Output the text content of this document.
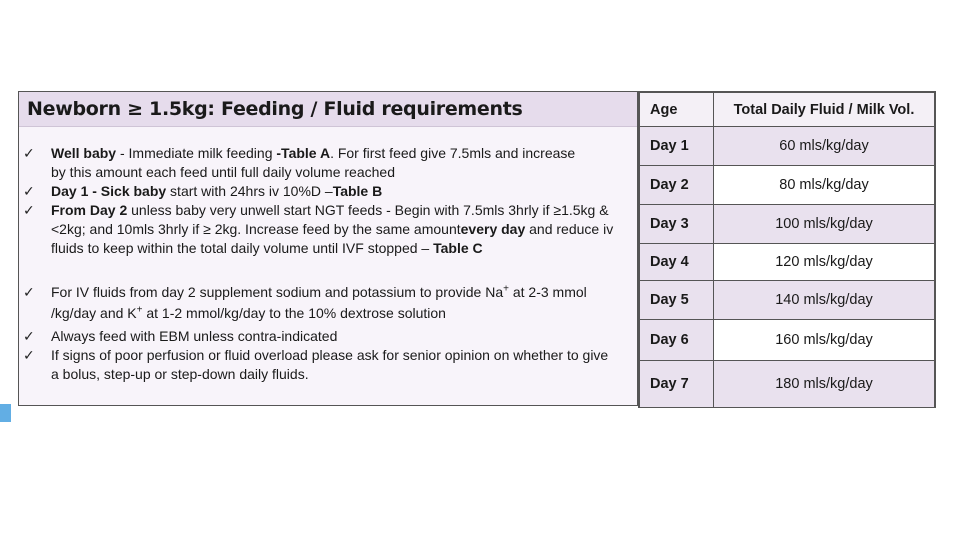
Newborn ≥ 1.5kg: Feeding / Fluid requirements
✓ Well baby - Immediate milk feeding -Table A. For first feed give 7.5mls and increase by this amount each feed until full daily volume reached
✓ Day 1 - Sick baby start with 24hrs iv 10%D –Table B
✓ From Day 2 unless baby very unwell start NGT feeds - Begin with 7.5mls 3hrly if ≥1.5kg & <2kg; and 10mls 3hrly if ≥ 2kg. Increase feed by the same amountevery day and reduce iv fluids to keep within the total daily volume until IVF stopped – Table C
✓ For IV fluids from day 2 supplement sodium and potassium to provide Na+ at 2-3 mmol /kg/day and K+ at 1-2 mmol/kg/day to the 10% dextrose solution
✓ Always feed with EBM unless contra-indicated
✓ If signs of poor perfusion or fluid overload please ask for senior opinion on whether to give a bolus, step-up or step-down daily fluids.
Age	Total Daily Fluid / Milk Vol.
Day 1	60 mls/kg/day
Day 2	80 mls/kg/day
Day 3	100 mls/kg/day
Day 4	120 mls/kg/day
Day 5	140 mls/kg/day
Day 6	160 mls/kg/day
Day 7	180 mls/kg/day
